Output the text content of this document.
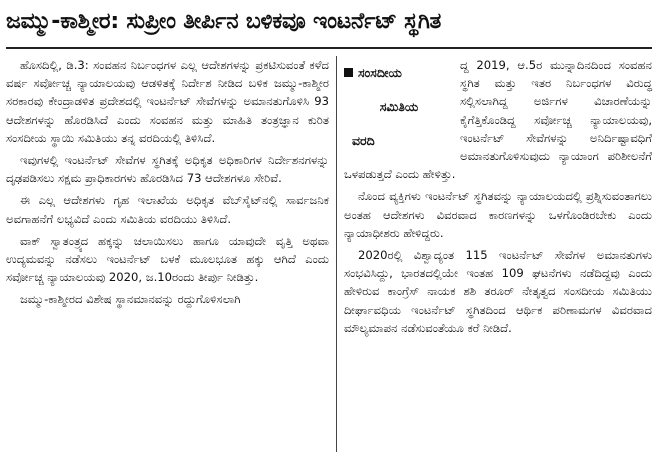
ಜಮ್ಮು-ಕಾಶ್ಮೀರ: ಸುಪ್ರೀಂ ತೀರ್ಪಿನ ಬಳಿಕವೂ ಇಂಟರ್ನೆಟ್ ಸ್ಥಗಿತ

ಹೊಸದಿಲ್ಲಿ, ಡಿ.3: ಸಂವಹನ ನಿರ್ಬಂಧಗಳ ಎಲ್ಲ ಆದೇಶಗಳನ್ನು ಪ್ರಕಟಿಸುವಂತೆ ಕಳೆದ ವರ್ಷ ಸರ್ವೋಚ್ಚ ನ್ಯಾಯಾಲಯವು ಆಡಳಿತಕ್ಕೆ ನಿರ್ದೇಶ ನೀಡಿದ ಬಳಿಕ ಜಮ್ಮು-ಕಾಶ್ಮೀರ ಸರಕಾರವು ಕೇಂದ್ರಾಡಳಿತ ಪ್ರದೇಶದಲ್ಲಿ ಇಂಟರ್ನೆಟ್ ಸೇವೆಗಳನ್ನು ಅಮಾನತುಗೊಳಿಸಿ 93 ಆದೇಶಗಳನ್ನು ಹೊರಡಿಸಿದೆ ಎಂದು ಸಂವಹನ ಮತ್ತು ಮಾಹಿತಿ ತಂತ್ರಜ್ಞಾನ ಕುರಿತ ಸಂಸದೀಯ ಸ್ಥಾಯಿ ಸಮಿತಿಯು ತನ್ನ ವರದಿಯಲ್ಲಿ ತಿಳಿಸಿದೆ.

ಇವುಗಳಲ್ಲಿ ಇಂಟರ್ನೆಟ್ ಸೇವೆಗಳ ಸ್ಥಗಿತಕ್ಕೆ ಅಧಿಕೃತ ಅಧಿಕಾರಿಗಳ ನಿರ್ದೇಶನಗಳನ್ನು ದೃಢಪಡಿಸಲು ಸಕ್ಷಮ ಪ್ರಾಧಿಕಾರಗಳು ಹೊರಡಿಸಿದ 73 ಆದೇಶಗಳೂ ಸೇರಿವೆ.

ಈ ಎಲ್ಲ ಆದೇಶಗಳು ಗೃಹ ಇಲಾಖೆಯ ಅಧಿಕೃತ ವೆಬ್‌ಸೈಟ್‌ನಲ್ಲಿ ಸಾರ್ವಜನಿಕ ಅವಗಾಹನೆಗೆ ಲಭ್ಯವಿದೆ ಎಂದು ಸಮಿತಿಯ ವರದಿಯು ತಿಳಿಸಿದೆ.

ವಾಕ್ ಸ್ವಾತಂತ್ರ್ಯದ ಹಕ್ಕನ್ನು ಚಲಾಯಿಸಲು ಹಾಗೂ ಯಾವುದೇ ವೃತ್ತಿ ಅಥವಾ ಉದ್ಯಮವನ್ನು ನಡೆಸಲು ಇಂಟರ್ನೆಟ್ ಬಳಕೆ ಮೂಲಭೂತ ಹಕ್ಕು ಆಗಿದೆ ಎಂದು ಸರ್ವೋಚ್ಚ ನ್ಯಾಯಾಲಯವು 2020, ಜ.10ರಂದು ತೀರ್ಪು ನೀಡಿತ್ತು.

ಜಮ್ಮು-ಕಾಶ್ಮೀರದ ವಿಶೇಷ ಸ್ಥಾನಮಾನವನ್ನು ರದ್ದುಗೊಳಿಸಲಾಗಿ

ಸಂಸದೀಯ
ಸಮಿತಿಯ
ವರದಿ

ದ್ದ 2019, ಆ.5ರ ಮುನ್ನಾದಿನದಿಂದ ಸಂವಹನ ಸ್ಥಗಿತ ಮತ್ತು ಇತರ ನಿರ್ಬಂಧಗಳ ವಿರುದ್ಧ ಸಲ್ಲಿಸಲಾಗಿದ್ದ ಅರ್ಜಿಗಳ ವಿಚಾರಣೆಯನ್ನು ಕೈಗೆತ್ತಿಕೊಂಡಿದ್ದ ಸರ್ವೋಚ್ಚ ನ್ಯಾಯಾಲಯವು, ಇಂಟರ್ನೆಟ್ ಸೇವೆಗಳನ್ನು ಅನಿರ್ದಿಷ್ಟಾವಧಿಗೆ ಅಮಾನತುಗೊಳಿಸುವುದು ನ್ಯಾಯಾಂಗ ಪರಿಶೀಲನೆಗೆ ಒಳಪಡುತ್ತದೆ ಎಂದು ಹೇಳಿತ್ತು.

ನೊಂದ ವ್ಯಕ್ತಿಗಳು ಇಂಟರ್ನೆಟ್ ಸ್ಥಗಿತವನ್ನು ನ್ಯಾಯಾಲಯದಲ್ಲಿ ಪ್ರಶ್ನಿಸುವಂತಾಗಲು ಅಂತಹ ಆದೇಶಗಳು ವಿವರವಾದ ಕಾರಣಗಳನ್ನು ಒಳಗೊಂಡಿರಬೇಕು ಎಂದು ನ್ಯಾಯಾಧೀಶರು ಹೇಳಿದ್ದರು.

2020ರಲ್ಲಿ ವಿಶ್ವಾದ್ಯಂತ 115 ಇಂಟರ್ನೆಟ್ ಸೇವೆಗಳ ಅಮಾನತುಗಳು ಸಂಭವಿಸಿದ್ದು, ಭಾರತದಲ್ಲಿಯೇ ಇಂತಹ 109 ಘಟನೆಗಳು ನಡೆದಿದ್ದವು ಎಂದು ಹೇಳಿರುವ ಕಾಂಗ್ರೆಸ್ ನಾಯಕ ಶಶಿ ತರೂರ್ ನೇತೃತ್ವದ ಸಂಸದೀಯ ಸಮಿತಿಯು ದೀರ್ಘಾವಧಿಯ ಇಂಟರ್ನೆಟ್ ಸ್ಥಗಿತದಿಂದ ಆರ್ಥಿಕ ಪರಿಣಾಮಗಳ ವಿವರವಾದ ಮೌಲ್ಯಮಾಪನ ನಡೆಸುವಂತೆಯೂ ಕರೆ ನೀಡಿದೆ.
